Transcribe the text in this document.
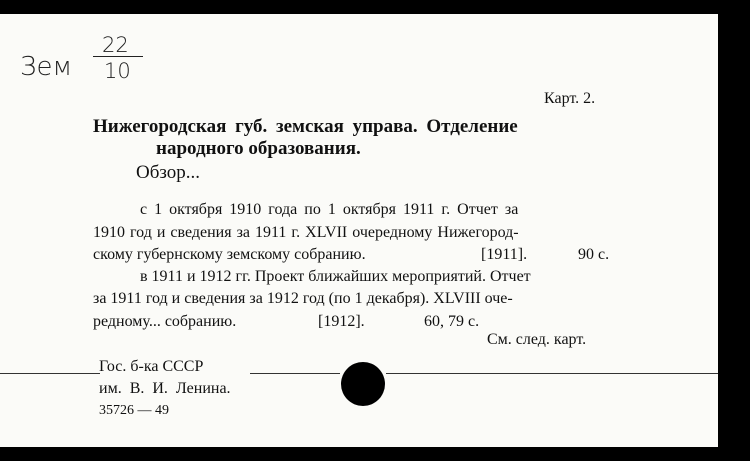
Зем
22
10
Карт. 2.
Нижегородская губ. земская управа. Отделение
народного образования.
Обзор...
с 1 октября 1910 года по 1 октября 1911 г. Отчет за
1910 год и сведения за 1911 г. XLVII очередному Нижегород-
скому губернскому земскому собранию.	[1911].	90 с.
в 1911 и 1912 гг. Проект ближайших мероприятий. Отчет
за 1911 год и сведения за 1912 год (по 1 декабря). XLVIII оче-
редному... собранию.	[1912].	60, 79 с.
См. след. карт.
Гос. б-ка СССР
им. В. И. Ленина.
35726 — 49
